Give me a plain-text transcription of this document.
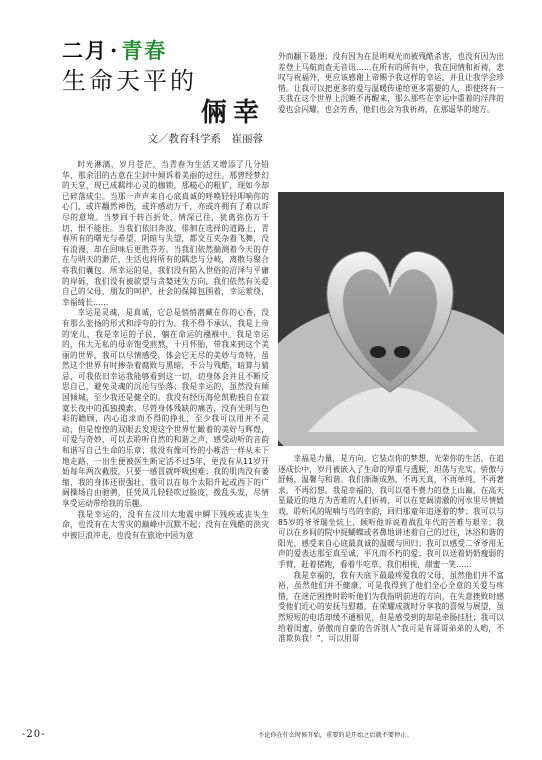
二月·青春
生命天平的
倆幸
文／教育科学系　崔丽蓉

时光淋漓，岁月苍茫，当青春为生活又增添了几分铅华，那余泪的古意在尘封中倾诉着美丽的过往。那曾经梦幻的天堂，现已成羁绊心灵的枷锁，那糙心的粗犷，现如今却已碎落成尘。当那一声声来自心底真诚的呼唤轻轻叩响你的心门，或许翻然神伤，或许感动万千，亦或许拥有了难以诉尽的意境。当梦回千转百折处，情深已往，犹离弥伤万千切，恨不能往。当我们依旧奔波，徘徊在选择的道路上，青春所有的曙光与希望，阴暗与失望，都交互夹杂着飞舞，没有浪漫，却在回味后更胜芬芳。当我们依然揣测着今天的存在与明天的渺茫，生活也将所有的隅悲与分岐，离散与聚合将我们囊包。所幸运的是，我们没有陷入世俗的沼泽与平庸的岸砾，我们没有被欲望与贪婪迷失方向，我们依然有关爱自己的父母，朋友的呵护，社会的保障包围着，幸运萦绕，幸福绮长……

幸运是灵魂，是真诚，它总是悄悄潜藏在你的心香，没有那么张扬的形式和浮夸的行为。我不得不承认，我是上帝的宠儿，我是幸运的子民，躺在命运的襁褓中。我是幸运的，伟大无私的母亲饱受煎熬，十月怀胎，带我来到这个美丽的世界，我可以尽情感受，体会它无尽的美妙与奇特，虽然这个世界有时掺杂着腐败与黑暗，不公与残酷，暗算与猜忌，可我依旧幸运我能够看到这一切，切身体会并且不断反思自己，避免灵魂的沉沦与坠落；我是幸运的，虽然没有倾国倾城，至少我还是健全的。我没有经历海伦凯勒独自在寂寞长夜中的孤独摸索，尽管身体残缺的痛苦，没有光明与色彩的瞻顾，内心追求而不得的挣扎，至少我可以用并不灵动，但是惶惶的双眼去发现这个世界忙瞰着的美好与辉煌，可爱与奇妙，可以去聆听自然的和谐之声，感受动听的音韵和谐写自己生命的乐章；我没有像可怜的小稚浩一样从未下地走路，一出生便被医生断定活不过5年，更没有从11岁开始每年两次截肢，只要一感冒就呼吸困难；我的肌肉没有萎缩，我的身体还很强壮，我可以在每个太阳升起或西下的广阔操场自由驰骋，任凭风儿轻轻吹过脸庞，拨乱头发，尽情享受运动带给我的乐趣。

我是幸运的，没有在汶川大地震中瞬下残疾或丧失生命，也没有在大雪灾的巅峰中沉默不起；没有在残酷的洪灾中被巨浪冲走，也没有在旅途中因为意

外而翻下悬崖；没有因为在昆明观光而被残酷杀害，也没有因为出差登上马航而查无音讯……在所有的所有中，我在同情和祈祷，悲叹与祝福外，更应该感谢上帝赐予我这样的幸运，并且让我学会珍惜。让我可以把更多的爱与温暖传递给更多需要的人，即使终有一天我在这个世界上沉睡不再醒来，那么那些在幸运中重着的浮萍的爱也会闪耀，也会芳香，他们也会为我祈祷，在那遥华的地方。

幸福是力量，是方向，它装点你的梦想，光荣你的生活，在追逐成长中，岁月被嵌入了生命的厚重与透脱，坦荡与充实，骄傲与舒畅，温馨与和谐。我们渐渐成熟，不再天真，不再单纯，不再奢求，不再幻想。我是幸福的，我可以毫不费力的登上山巅，在高天星最近的地方为苦难的人们祈祷，可以在宽阔清澈的河水里尽情嬉戏，聆听风的呢喃与鸟的幸韵，回归那童年追逐着的梦；我可以与85岁的爷爷瑞坐炕上，倾听他诉说着战乱年代的苦难与艰辛；我可以在乡间的院中捉蝴蝶或者鼻地讲述着自己的过往，沐浴和谐的阳光，感受来自心底最真诚的温暖与回归；我可以感受二爷爷用无声的爱表达那至真至诚，平凡而不朽的爱；我可以送着奶奶瘦弱的手臂，赶着猪跑，看着牛吃草，我们相视，甜蜜一笑……

我是幸福的，我有天底下最最疼爱我的父母，虽然他们并不富裕，虽然他们并不健康，可是我得到了他们全心全意的关爱与疼惜，在迷茫困挫时聆听他们为我指明前进的方向，在失意挫败时感受他们近心的安抚与慰藉，在荣耀成就时分享我的喜悦与展望，虽然短短的电话却缓不通相见，但是感受到的却是牵肠挂肚；我可以给着闺蜜，骄傲而自豪的告诉别人“我可是有哥哥弟弟的人哟，不准欺负我！”，可以用哥

-20-	不论你在什么时候开始，重要的是开始之后就不要停止。
